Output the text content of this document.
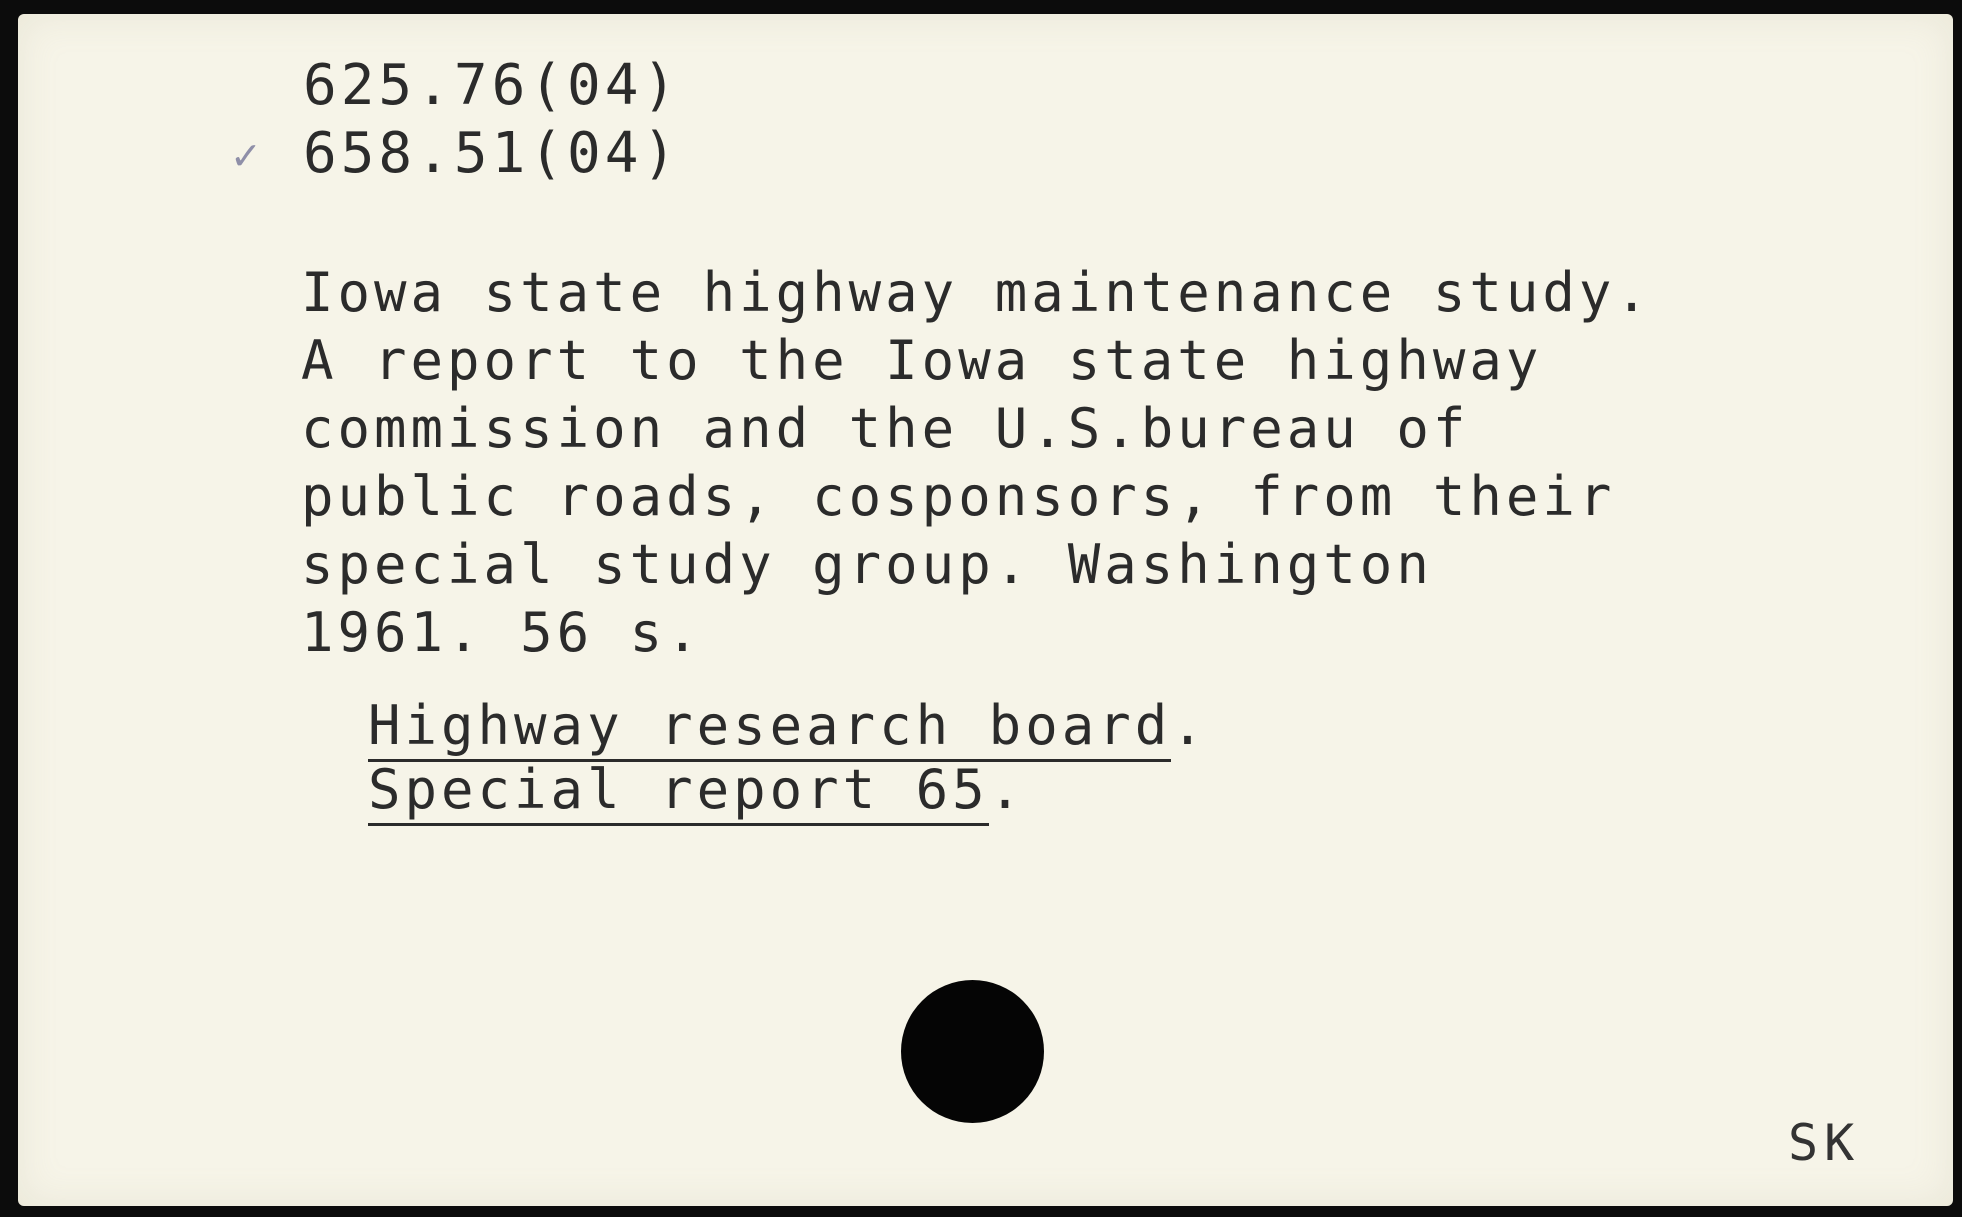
625.76(04)
✓ 658.51(04)
Iowa state highway maintenance study.
A report to the Iowa state highway
commission and the U.S.bureau of
public roads, cosponsors, from their
special study group. Washington
1961. 56 s.
Highway research board.
Special report 65.
SK
